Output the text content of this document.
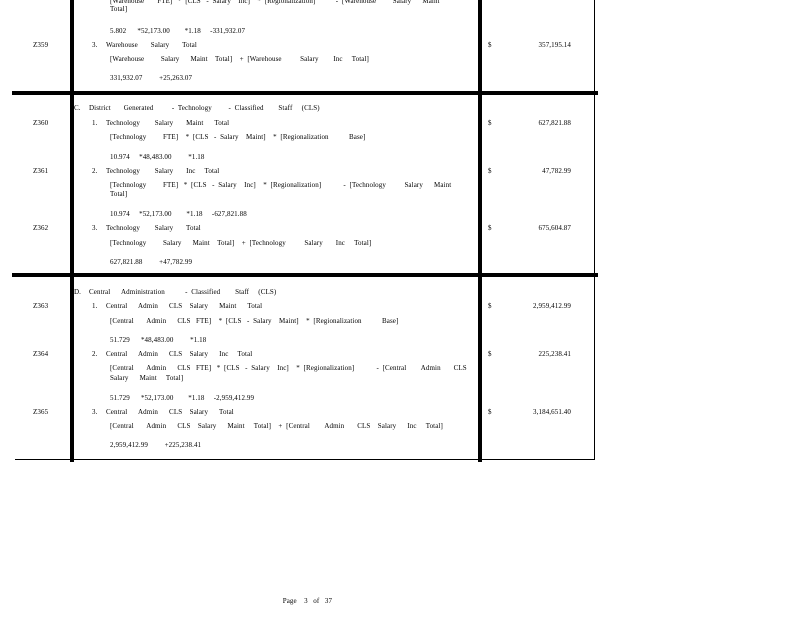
[Warehouse       FTE]   *  [CLS   -  Salary    Inc]    *  [Regionalization]           -  [Warehouse         Salary      Maint
Total]
5.802      *52,173.00        *1.18     -331,932.07
Z359	3. Warehouse       Salary       Total
[Warehouse         Salary      Maint    Total]    +  [Warehouse          Salary        Inc     Total]
331,932.07         +25,263.07
$	357,195.14
C. District       Generated          -  Technology         -  Classified        Staff     (CLS)
Z360	1. Technology        Salary       Maint      Total
[Technology         FTE]    *  [CLS   -  Salary    Maint]    *  [Regionalization           Base]
10.974     *48,483.00         *1.18
$	627,821.88
Z361	2. Technology        Salary       Inc     Total
[Technology         FTE]   *  [CLS   -  Salary    Inc]    *  [Regionalization]            -  [Technology          Salary      Maint
Total]
10.974     *52,173.00        *1.18     -627,821.88
$	47,782.99
Z362	3. Technology        Salary       Total
[Technology         Salary      Maint    Total]    +  [Technology          Salary       Inc     Total]
627,821.88         +47,782.99
$	675,604.87
D. Central      Administration           -  Classified        Staff     (CLS)
Z363	1. Central      Admin      CLS    Salary      Maint      Total
[Central       Admin      CLS   FTE]    *  [CLS   -  Salary    Maint]    *  [Regionalization           Base]
51.729      *48,483.00         *1.18
$	2,959,412.99
Z364	2. Central      Admin      CLS    Salary      Inc     Total
[Central       Admin      CLS   FTE]   *  [CLS   -  Salary    Inc]    *  [Regionalization]            -  [Central        Admin       CLS
Salary      Maint     Total]
51.729      *52,173.00        *1.18     -2,959,412.99
$	225,238.41
Z365	3. Central      Admin      CLS    Salary      Total
[Central       Admin      CLS    Salary      Maint     Total]    +  [Central        Admin       CLS    Salary      Inc     Total]
2,959,412.99         +225,238.41
$	3,184,651.40

Page 3 of 37
